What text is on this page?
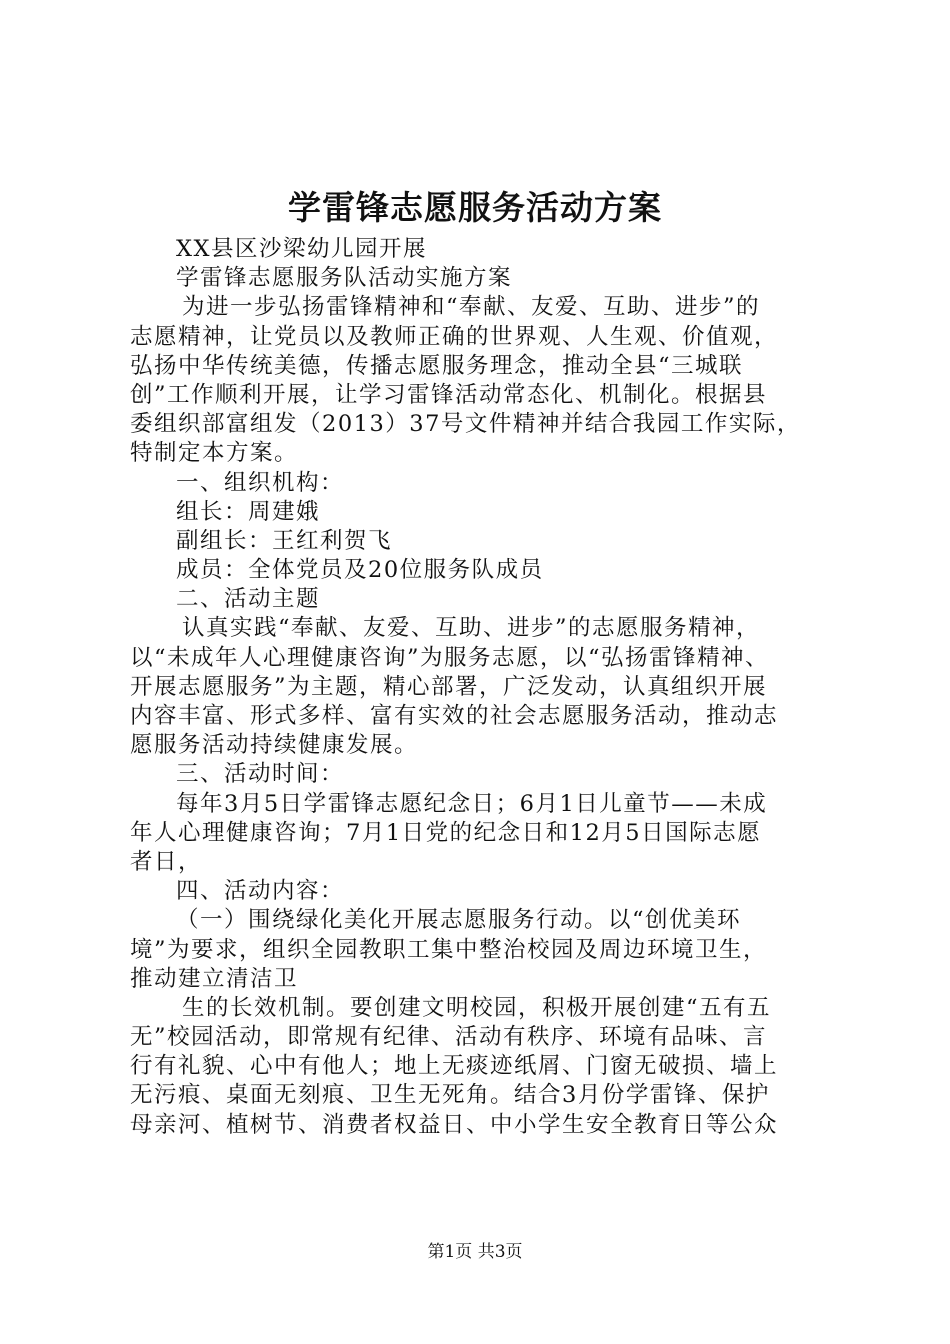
学雷锋志愿服务活动方案
XX县区沙梁幼儿园开展
学雷锋志愿服务队活动实施方案
为进一步弘扬雷锋精神和“奉献、友爱、互助、进步”的
志愿精神，让党员以及教师正确的世界观、人生观、价值观，
弘扬中华传统美德，传播志愿服务理念，推动全县“三城联
创”工作顺利开展，让学习雷锋活动常态化、机制化。根据县
委组织部富组发（2013）37号文件精神并结合我园工作实际，
特制定本方案。
一、组织机构：
组长：周建娥
副组长：王红利贺飞
成员：全体党员及20位服务队成员
二、活动主题
认真实践“奉献、友爱、互助、进步”的志愿服务精神，
以“未成年人心理健康咨询”为服务志愿，以“弘扬雷锋精神、
开展志愿服务”为主题，精心部署，广泛发动，认真组织开展
内容丰富、形式多样、富有实效的社会志愿服务活动，推动志
愿服务活动持续健康发展。
三、活动时间：
每年3月5日学雷锋志愿纪念日；6月1日儿童节——未成
年人心理健康咨询；7月1日党的纪念日和12月5日国际志愿
者日，
四、活动内容：
（一）围绕绿化美化开展志愿服务行动。以“创优美环
境”为要求，组织全园教职工集中整治校园及周边环境卫生，
推动建立清洁卫
生的长效机制。要创建文明校园，积极开展创建“五有五
无”校园活动，即常规有纪律、活动有秩序、环境有品味、言
行有礼貌、心中有他人；地上无痰迹纸屑、门窗无破损、墙上
无污痕、桌面无刻痕、卫生无死角。结合3月份学雷锋、保护
母亲河、植树节、消费者权益日、中小学生安全教育日等公众
第1页 共3页
